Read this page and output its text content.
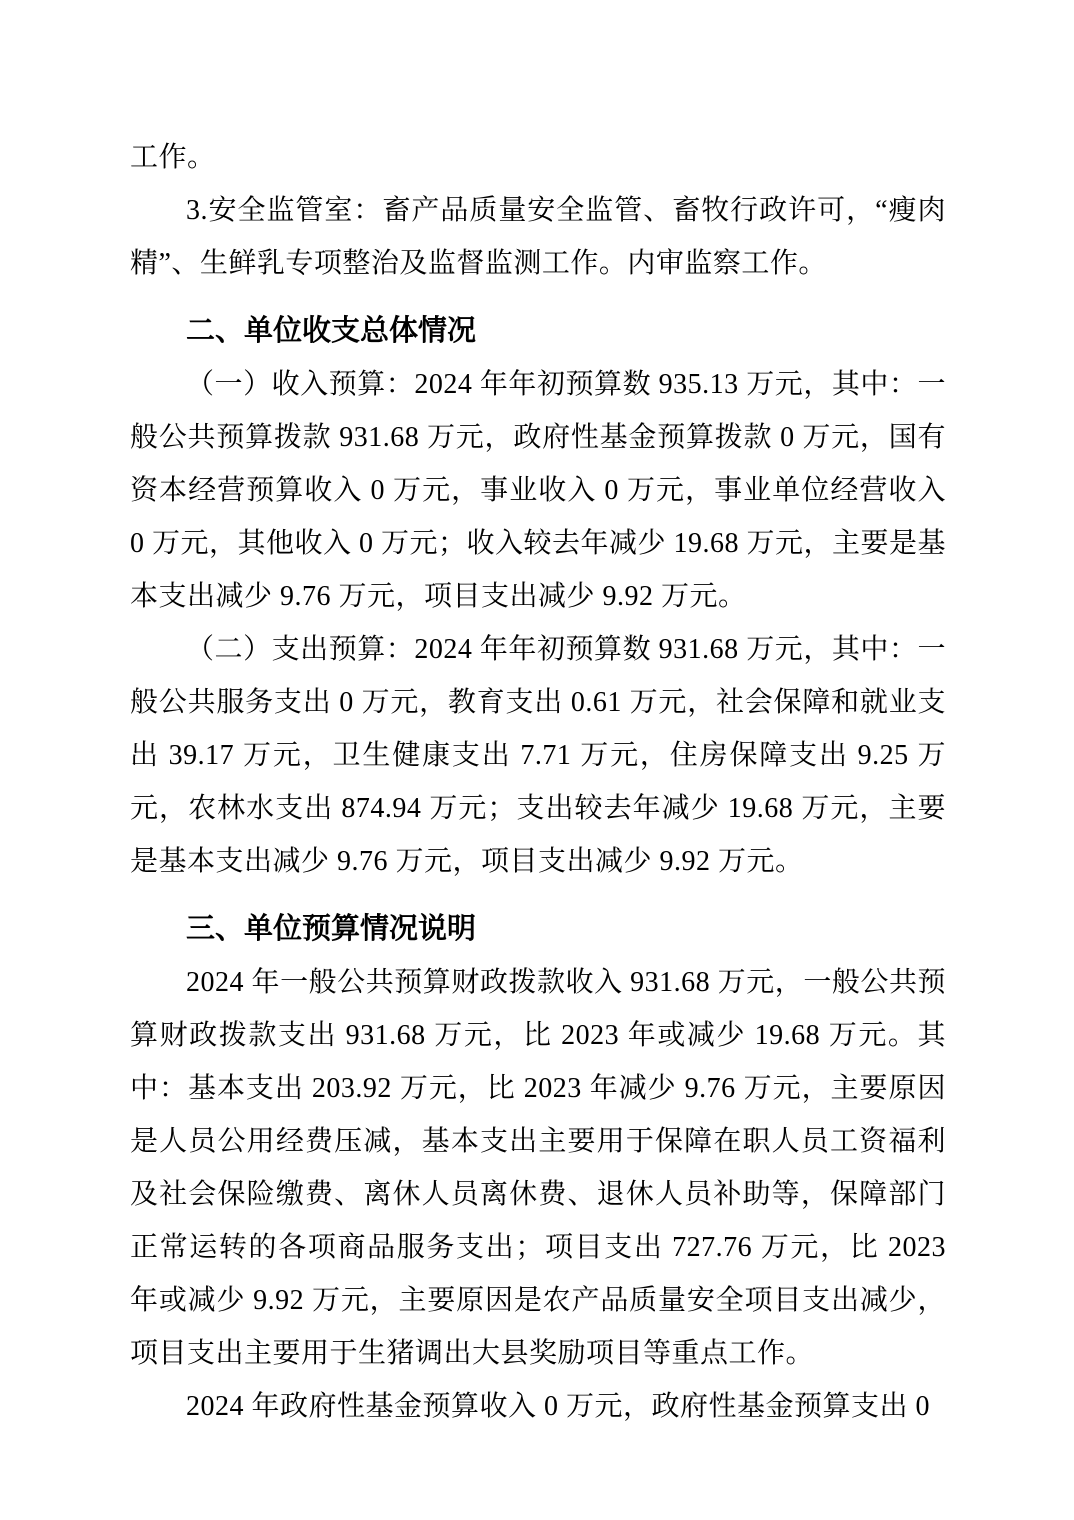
工作。

3.安全监管室：畜产品质量安全监管、畜牧行政许可，“瘦肉精”、生鲜乳专项整治及监督监测工作。内审监察工作。

二、单位收支总体情况

（一）收入预算：2024 年年初预算数 935.13 万元，其中：一般公共预算拨款 931.68 万元，政府性基金预算拨款 0 万元，国有资本经营预算收入 0 万元，事业收入 0 万元，事业单位经营收入 0 万元，其他收入 0 万元；收入较去年减少 19.68 万元，主要是基本支出减少 9.76 万元，项目支出减少 9.92 万元。

（二）支出预算：2024 年年初预算数 931.68 万元，其中：一般公共服务支出 0 万元，教育支出 0.61 万元，社会保障和就业支出 39.17 万元，卫生健康支出 7.71 万元，住房保障支出 9.25 万元，农林水支出 874.94 万元；支出较去年减少 19.68 万元，主要是基本支出减少 9.76 万元，项目支出减少 9.92 万元。

三、单位预算情况说明

2024 年一般公共预算财政拨款收入 931.68 万元，一般公共预算财政拨款支出 931.68 万元，比 2023 年或减少 19.68 万元。其中：基本支出 203.92 万元，比 2023 年减少 9.76 万元，主要原因是人员公用经费压减，基本支出主要用于保障在职人员工资福利及社会保险缴费、离休人员离休费、退休人员补助等，保障部门正常运转的各项商品服务支出；项目支出 727.76 万元，比 2023 年或减少 9.92 万元，主要原因是农产品质量安全项目支出减少，项目支出主要用于生猪调出大县奖励项目等重点工作。

2024 年政府性基金预算收入 0 万元，政府性基金预算支出 0
